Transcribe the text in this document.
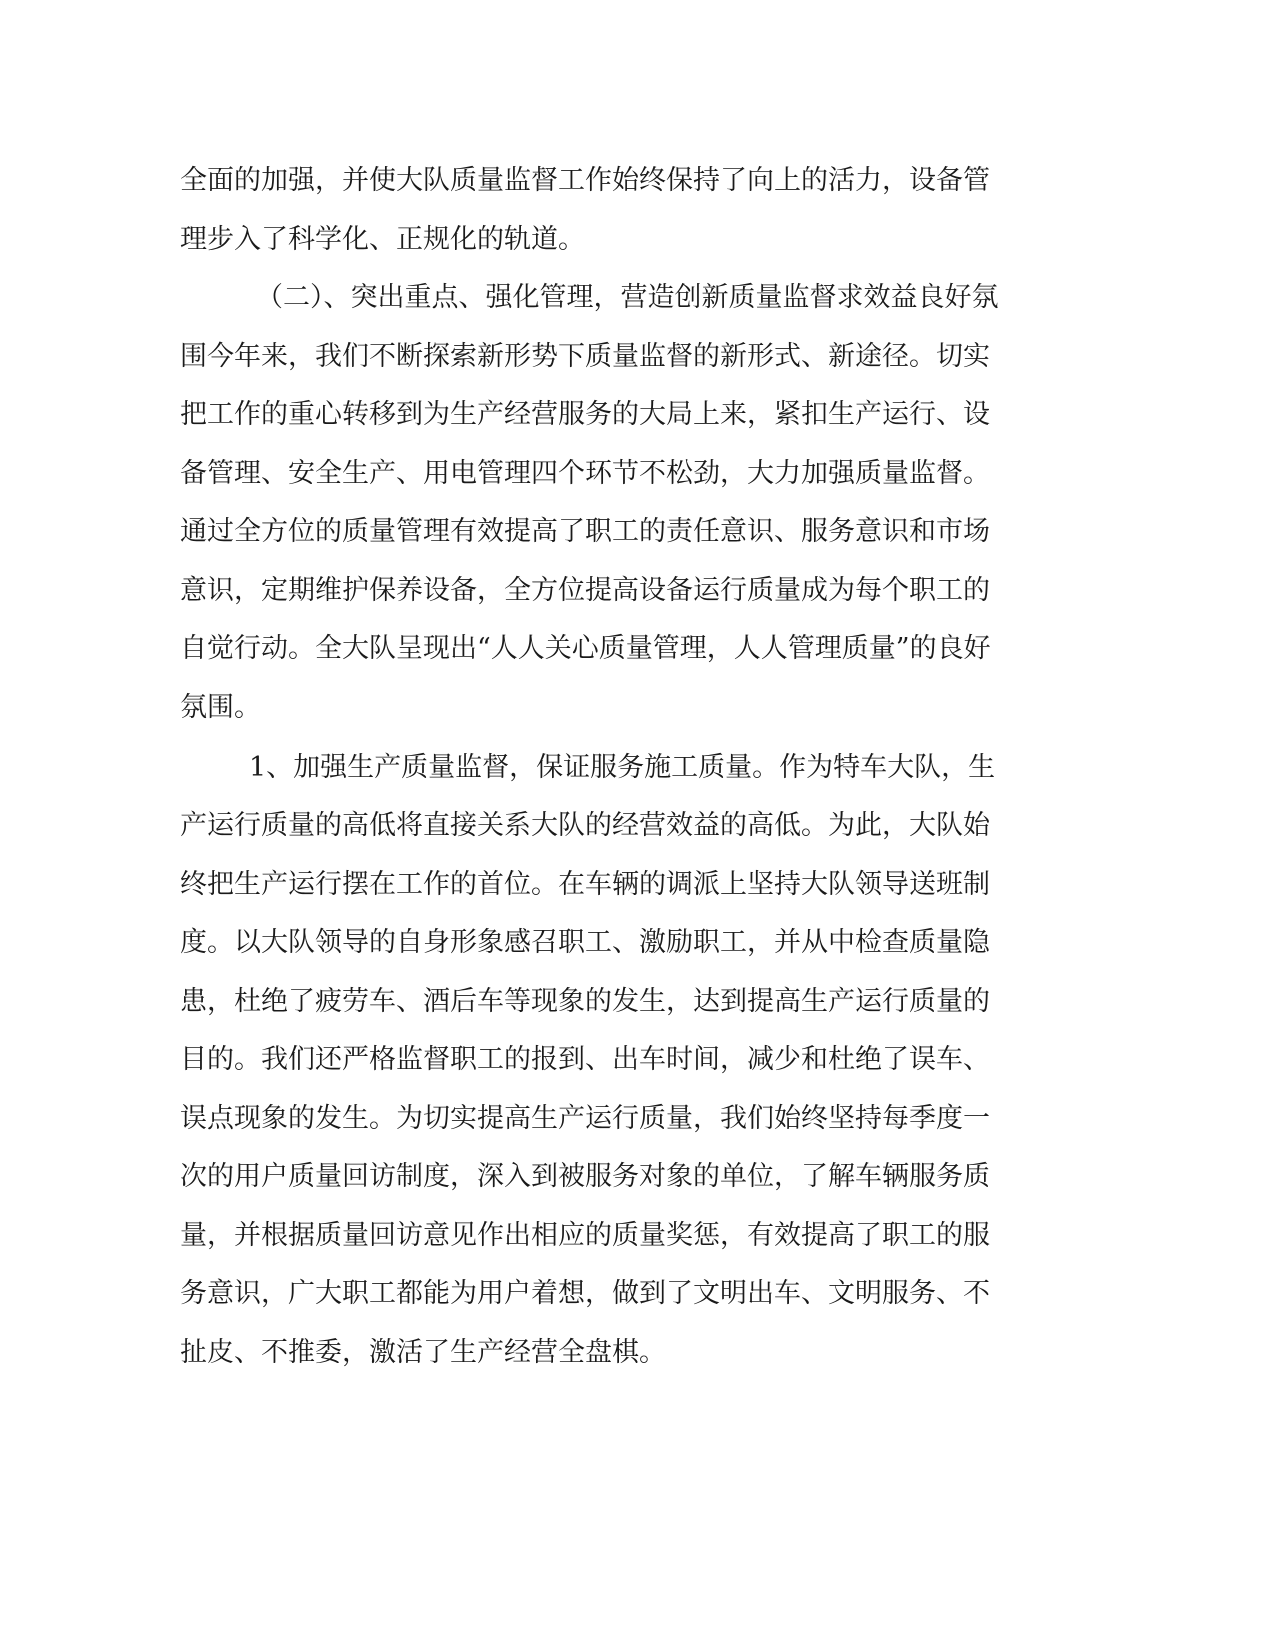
全面的加强，并使大队质量监督工作始终保持了向上的活力，设备管

理步入了科学化、正规化的轨道。

（二）、突出重点、强化管理，营造创新质量监督求效益良好氛

围今年来，我们不断探索新形势下质量监督的新形式、新途径。切实

把工作的重心转移到为生产经营服务的大局上来，紧扣生产运行、设

备管理、安全生产、用电管理四个环节不松劲，大力加强质量监督。

通过全方位的质量管理有效提高了职工的责任意识、服务意识和市场

意识，定期维护保养设备，全方位提高设备运行质量成为每个职工的

自觉行动。全大队呈现出“人人关心质量管理，人人管理质量”的良好

氛围。

1、加强生产质量监督，保证服务施工质量。作为特车大队，生

产运行质量的高低将直接关系大队的经营效益的高低。为此，大队始

终把生产运行摆在工作的首位。在车辆的调派上坚持大队领导送班制

度。以大队领导的自身形象感召职工、激励职工，并从中检查质量隐

患，杜绝了疲劳车、酒后车等现象的发生，达到提高生产运行质量的

目的。我们还严格监督职工的报到、出车时间，减少和杜绝了误车、

误点现象的发生。为切实提高生产运行质量，我们始终坚持每季度一

次的用户质量回访制度，深入到被服务对象的单位，了解车辆服务质

量，并根据质量回访意见作出相应的质量奖惩，有效提高了职工的服

务意识，广大职工都能为用户着想，做到了文明出车、文明服务、不

扯皮、不推委，激活了生产经营全盘棋。
